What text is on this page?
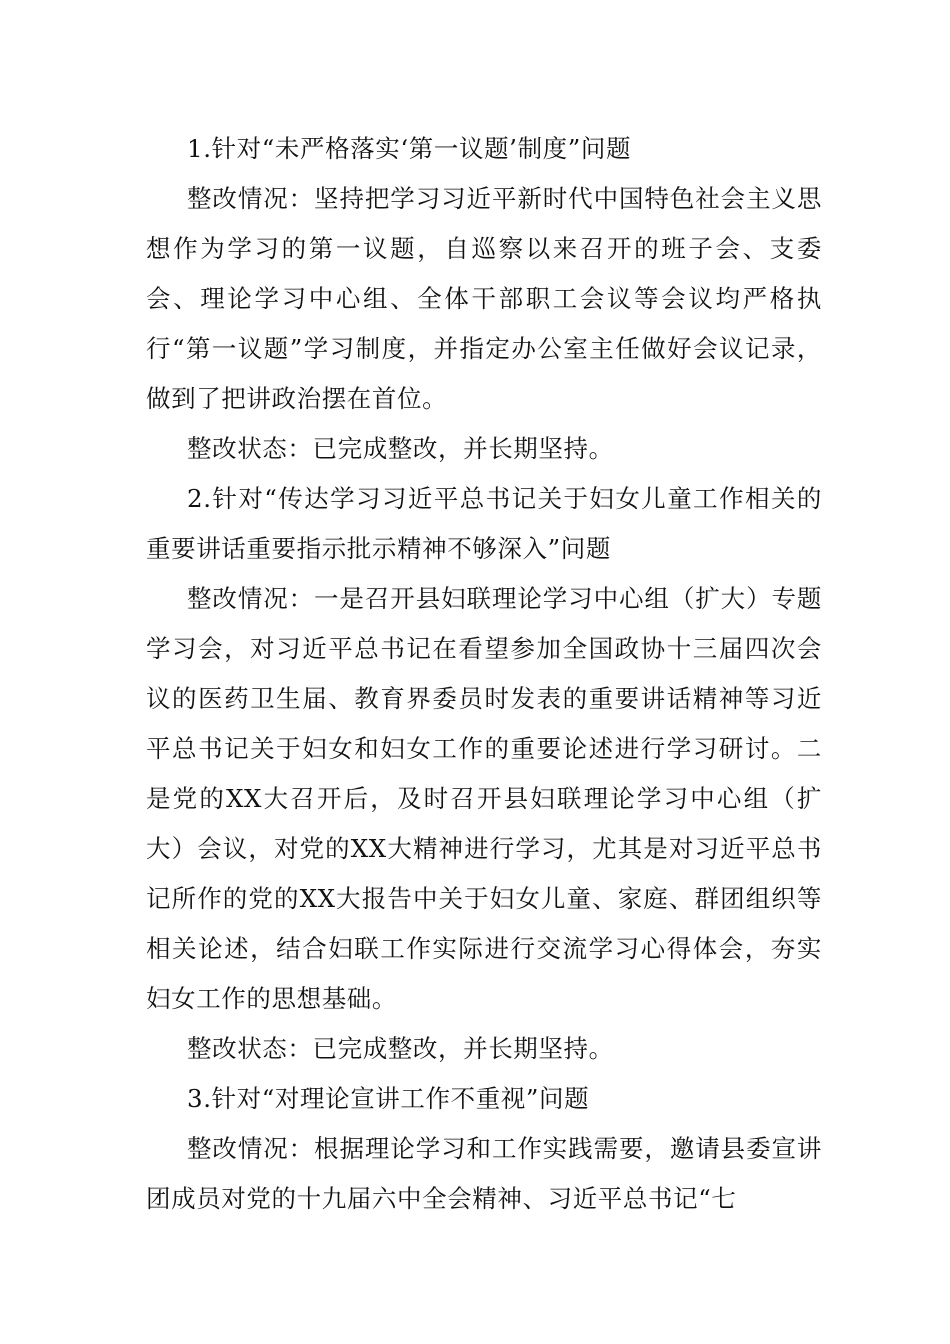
1.针对“未严格落实‘第一议题’制度”问题

整改情况：坚持把学习习近平新时代中国特色社会主义思想作为学习的第一议题，自巡察以来召开的班子会、支委会、理论学习中心组、全体干部职工会议等会议均严格执行“第一议题”学习制度，并指定办公室主任做好会议记录，做到了把讲政治摆在首位。

整改状态：已完成整改，并长期坚持。

2.针对“传达学习习近平总书记关于妇女儿童工作相关的重要讲话重要指示批示精神不够深入”问题

整改情况：一是召开县妇联理论学习中心组（扩大）专题学习会，对习近平总书记在看望参加全国政协十三届四次会议的医药卫生届、教育界委员时发表的重要讲话精神等习近平总书记关于妇女和妇女工作的重要论述进行学习研讨。二是党的XX大召开后，及时召开县妇联理论学习中心组（扩大）会议，对党的XX大精神进行学习，尤其是对习近平总书记所作的党的XX大报告中关于妇女儿童、家庭、群团组织等相关论述，结合妇联工作实际进行交流学习心得体会，夯实妇女工作的思想基础。

整改状态：已完成整改，并长期坚持。

3.针对“对理论宣讲工作不重视”问题

整改情况：根据理论学习和工作实践需要，邀请县委宣讲团成员对党的十九届六中全会精神、习近平总书记“七
